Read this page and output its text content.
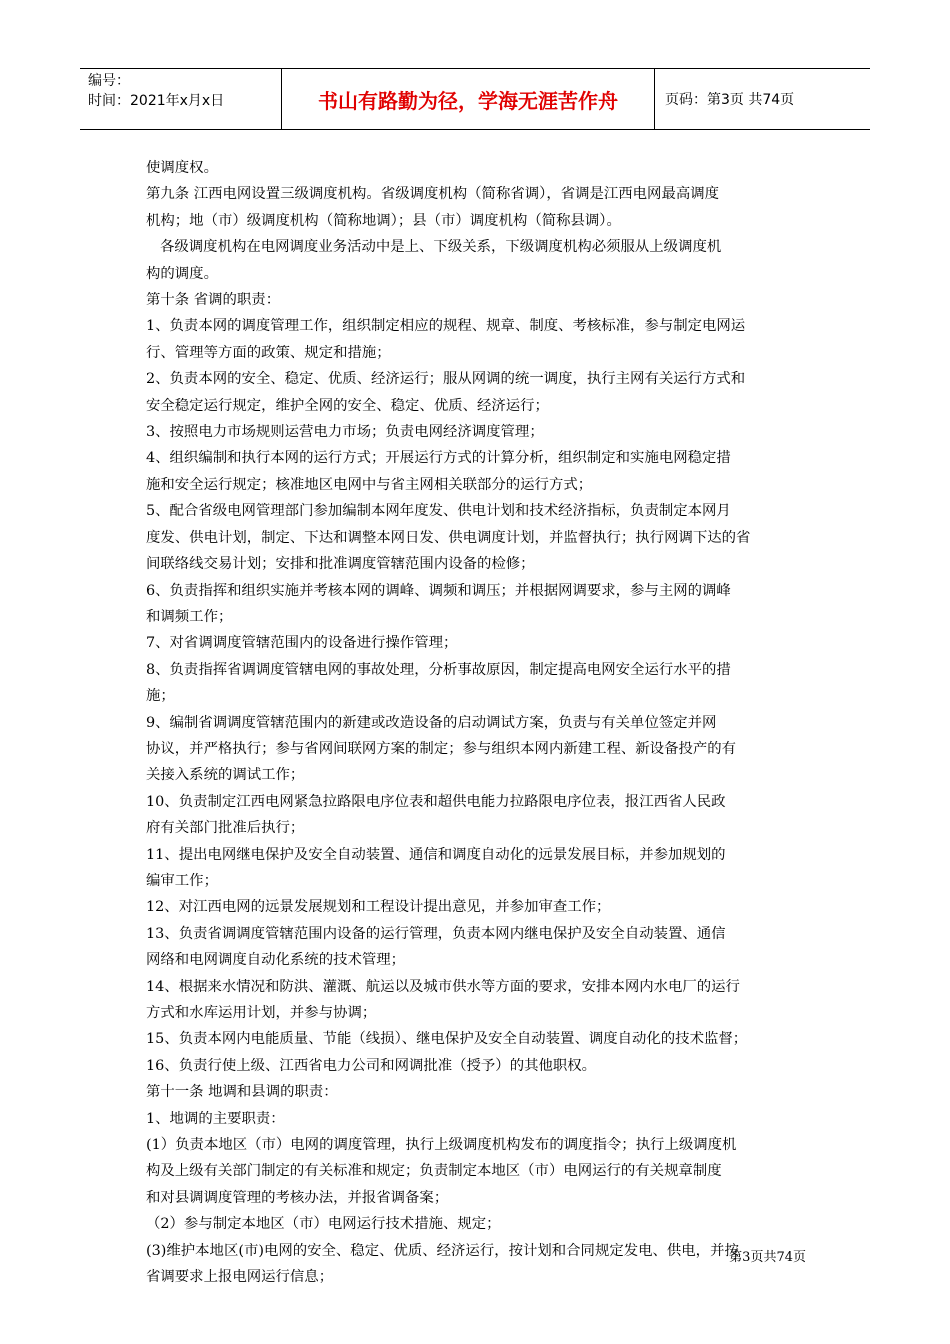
编号：
时间：2021年x月x日	书山有路勤为径，学海无涯苦作舟	页码：第3页 共74页

使调度权。

第九条 江西电网设置三级调度机构。省级调度机构（简称省调），省调是江西电网最高调度

机构；地（市）级调度机构（简称地调）；县（市）调度机构（简称县调）。

各级调度机构在电网调度业务活动中是上、下级关系，下级调度机构必须服从上级调度机

构的调度。

第十条 省调的职责：

1、负责本网的调度管理工作，组织制定相应的规程、规章、制度、考核标准，参与制定电网运

行、管理等方面的政策、规定和措施；

2、负责本网的安全、稳定、优质、经济运行；服从网调的统一调度，执行主网有关运行方式和

安全稳定运行规定，维护全网的安全、稳定、优质、经济运行；

3、按照电力市场规则运营电力市场；负责电网经济调度管理；

4、组织编制和执行本网的运行方式；开展运行方式的计算分析，组织制定和实施电网稳定措

施和安全运行规定；核准地区电网中与省主网相关联部分的运行方式；

5、配合省级电网管理部门参加编制本网年度发、供电计划和技术经济指标，负责制定本网月

度发、供电计划，制定、下达和调整本网日发、供电调度计划，并监督执行；执行网调下达的省

间联络线交易计划；安排和批准调度管辖范围内设备的检修；

6、负责指挥和组织实施并考核本网的调峰、调频和调压；并根据网调要求，参与主网的调峰

和调频工作；

7、对省调调度管辖范围内的设备进行操作管理；

8、负责指挥省调调度管辖电网的事故处理，分析事故原因，制定提高电网安全运行水平的措

施；

9、编制省调调度管辖范围内的新建或改造设备的启动调试方案，负责与有关单位签定并网

协议，并严格执行；参与省网间联网方案的制定；参与组织本网内新建工程、新设备投产的有

关接入系统的调试工作；

10、负责制定江西电网紧急拉路限电序位表和超供电能力拉路限电序位表，报江西省人民政

府有关部门批准后执行；

11、提出电网继电保护及安全自动装置、通信和调度自动化的远景发展目标，并参加规划的

编审工作；

12、对江西电网的远景发展规划和工程设计提出意见，并参加审查工作；

13、负责省调调度管辖范围内设备的运行管理，负责本网内继电保护及安全自动装置、通信

网络和电网调度自动化系统的技术管理；

14、根据来水情况和防洪、灌溉、航运以及城市供水等方面的要求，安排本网内水电厂的运行

方式和水库运用计划，并参与协调；

15、负责本网内电能质量、节能（线损）、继电保护及安全自动装置、调度自动化的技术监督；

16、负责行使上级、江西省电力公司和网调批准（授予）的其他职权。

第十一条 地调和县调的职责：

1、地调的主要职责：

(1）负责本地区（市）电网的调度管理，执行上级调度机构发布的调度指令；执行上级调度机

构及上级有关部门制定的有关标准和规定；负责制定本地区（市）电网运行的有关规章制度

和对县调调度管理的考核办法，并报省调备案；

（2）参与制定本地区（市）电网运行技术措施、规定；

(3)维护本地区(市)电网的安全、稳定、优质、经济运行，按计划和合同规定发电、供电，并按

省调要求上报电网运行信息；

第3页共74页
